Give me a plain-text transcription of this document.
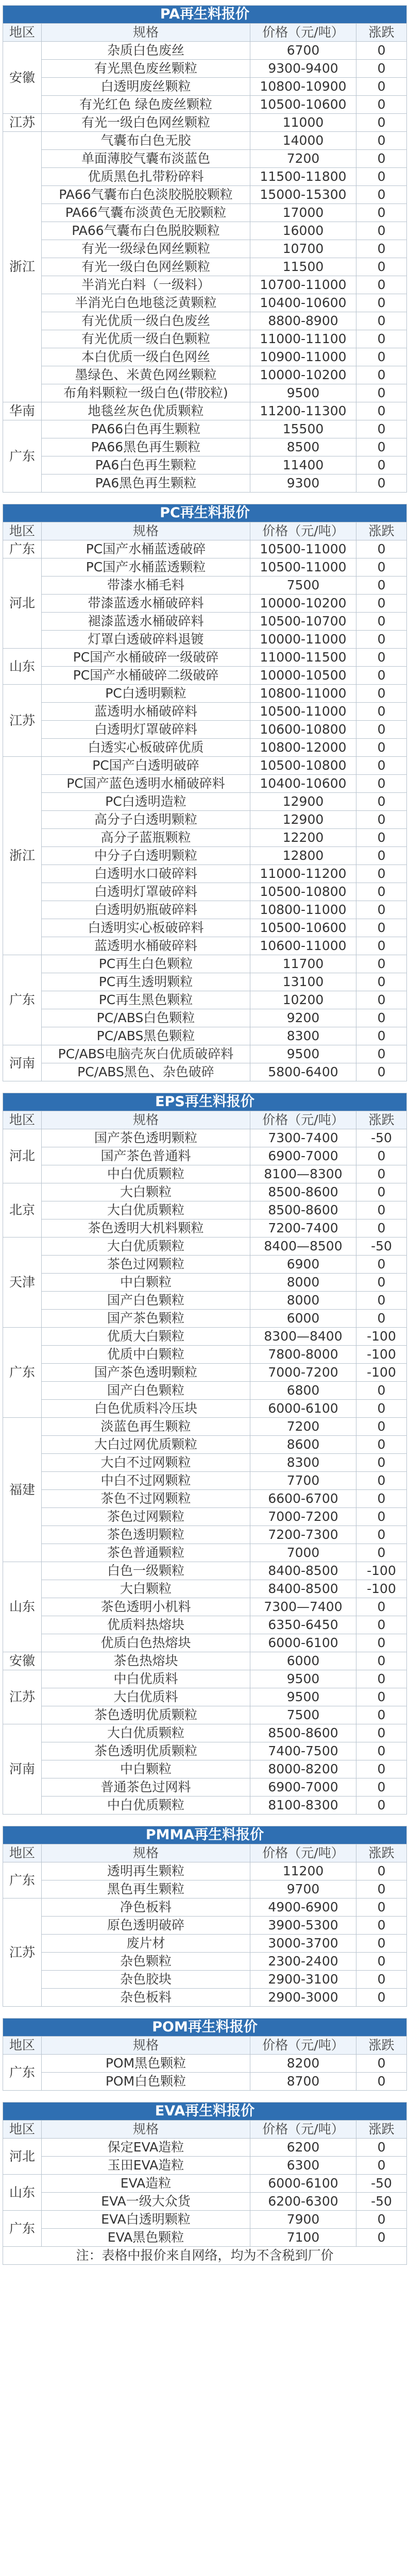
PA再生料报价			
地区	规格	价格（元/吨）	涨跌
安徽	杂质白色废丝	6700	0
	有光黑色废丝颗粒	9300-9400	0
	白透明废丝颗粒	10800-10900	0
	有光红色 绿色废丝颗粒	10500-10600	0
江苏	有光一级白色网丝颗粒	11000	0
浙江	气囊布白色无胶	14000	0
	单面薄胶气囊布淡蓝色	7200	0
	优质黑色扎带粉碎料	11500-11800	0
	PA66气囊布白色淡胶脱胶颗粒	15000-15300	0
	PA66气囊布淡黄色无胶颗粒	17000	0
	PA66气囊布白色脱胶颗粒	16000	0
	有光一级绿色网丝颗粒	10700	0
	有光一级白色网丝颗粒	11500	0
	半消光白料（一级料）	10700-11000	0
	半消光白色地毯泛黄颗粒	10400-10600	0
	有光优质一级白色废丝	8800-8900	0
	有光优质一级白色颗粒	11000-11100	0
	本白优质一级白色网丝	10900-11000	0
	墨绿色、米黄色网丝颗粒	10000-10200	0
	布角料颗粒一级白色(带胶粒)	9500	0
华南	地毯丝灰色优质颗粒	11200-11300	0
广东	PA66白色再生颗粒	15500	0
	PA66黑色再生颗粒	8500	0
	PA6白色再生颗粒	11400	0
	PA6黑色再生颗粒	9300	0
PC再生料报价			
地区	规格	价格（元/吨）	涨跌
广东	PC国产水桶蓝透破碎	10500-11000	0
河北	PC国产水桶蓝透颗粒	10500-11000	0
	带漆水桶毛料	7500	0
	带漆蓝透水桶破碎料	10000-10200	0
	褪漆蓝透水桶破碎料	10500-10700	0
	灯罩白透破碎料退镀	10000-11000	0
山东	PC国产水桶破碎一级破碎	11000-11500	0
	PC国产水桶破碎二级破碎	10000-10500	0
江苏	PC白透明颗粒	10800-11000	0
	蓝透明水桶破碎料	10500-11000	0
	白透明灯罩破碎料	10600-10800	0
	白透实心板破碎优质	10800-12000	0
浙江	PC国产白透明破碎	10500-10800	0
	PC国产蓝色透明水桶破碎料	10400-10600	0
	PC白透明造粒	12900	0
	高分子白透明颗粒	12900	0
	高分子蓝瓶颗粒	12200	0
	中分子白透明颗粒	12800	0
	白透明水口破碎料	11000-11200	0
	白透明灯罩破碎料	10500-10800	0
	白透明奶瓶破碎料	10800-11000	0
	白透明实心板破碎料	10500-10600	0
	蓝透明水桶破碎料	10600-11000	0
广东	PC再生白色颗粒	11700	0
	PC再生透明颗粒	13100	0
	PC再生黑色颗粒	10200	0
	PC/ABS白色颗粒	9200	0
	PC/ABS黑色颗粒	8300	0
河南	PC/ABS电脑壳灰白优质破碎料	9500	0
	PC/ABS黑色、杂色破碎	5800-6400	0
EPS再生料报价			
地区	规格	价格（元/吨）	涨跌
河北	国产茶色透明颗粒	7300-7400	-50
	国产茶色普通料	6900-7000	0
	中白优质颗粒	8100—8300	0
北京	大白颗粒	8500-8600	0
	大白优质颗粒	8500-8600	0
	茶色透明大机料颗粒	7200-7400	0
天津	大白优质颗粒	8400—8500	-50
	茶色过网颗粒	6900	0
	中白颗粒	8000	0
	国产白色颗粒	8000	0
	国产茶色颗粒	6000	0
广东	优质大白颗粒	8300—8400	-100
	优质中白颗粒	7800-8000	-100
	国产茶色透明颗粒	7000-7200	-100
	国产白色颗粒	6800	0
	白色优质料冷压块	6000-6100	0
福建	淡蓝色再生颗粒	7200	0
	大白过网优质颗粒	8600	0
	大白不过网颗粒	8300	0
	中白不过网颗粒	7700	0
	茶色不过网颗粒	6600-6700	0
	茶色过网颗粒	7000-7200	0
	茶色透明颗粒	7200-7300	0
	茶色普通颗粒	7000	0
山东	白色一级颗粒	8400-8500	-100
	大白颗粒	8400-8500	-100
	茶色透明小机料	7300—7400	0
	优质料热熔块	6350-6450	0
	优质白色热熔块	6000-6100	0
安徽	茶色热熔块	6000	0
江苏	中白优质料	9500	0
	大白优质料	9500	0
	茶色透明优质颗粒	7500	0
河南	大白优质颗粒	8500-8600	0
	茶色透明优质颗粒	7400-7500	0
	中白颗粒	8000-8200	0
	普通茶色过网料	6900-7000	0
	中白优质颗粒	8100-8300	0
PMMA再生料报价			
地区	规格	价格（元/吨）	涨跌
广东	透明再生颗粒	11200	0
	黑色再生颗粒	9700	0
江苏	净色板料	4900-6900	0
	原色透明破碎	3900-5300	0
	废片材	3000-3700	0
	杂色颗粒	2300-2400	0
	杂色胶块	2900-3100	0
	杂色板料	2900-3000	0
POM再生料报价			
地区	规格	价格（元/吨）	涨跌
广东	POM黑色颗粒	8200	0
	POM白色颗粒	8700	0
EVA再生料报价			
地区	规格	价格（元/吨）	涨跌
河北	保定EVA造粒	6200	0
	玉田EVA造粒	6300	0
山东	EVA造粒	6000-6100	-50
	EVA一级大众货	6200-6300	-50
广东	EVA白透明颗粒	7900	0
	EVA黑色颗粒	7100	0
注：表格中报价来自网络，均为不含税到厂价			
